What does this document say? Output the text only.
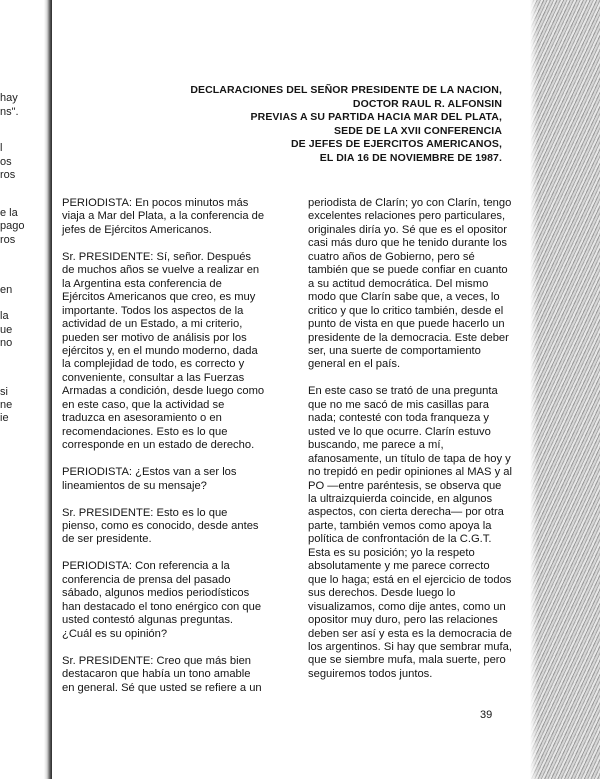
hay
ns".
l
os
ros
e la
pago
ros
en
la
ue
no
si
ne
ie
DECLARACIONES DEL SEÑOR PRESIDENTE DE LA NACION,
DOCTOR RAUL R. ALFONSIN
PREVIAS A SU PARTIDA HACIA MAR DEL PLATA,
SEDE DE LA XVII CONFERENCIA
DE JEFES DE EJERCITOS AMERICANOS,
EL DIA 16 DE NOVIEMBRE DE 1987.
PERIODISTA: En pocos minutos más
viaja a Mar del Plata, a la conferencia de
jefes de Ejércitos Americanos.
Sr. PRESIDENTE: Sí, señor. Después
de muchos años se vuelve a realizar en
la Argentina esta conferencia de
Ejércitos Americanos que creo, es muy
importante. Todos los aspectos de la
actividad de un Estado, a mi criterio,
pueden ser motivo de análisis por los
ejércitos y, en el mundo moderno, dada
la complejidad de todo, es correcto y
conveniente, consultar a las Fuerzas
Armadas a condición, desde luego como
en este caso, que la actividad se
traduzca en asesoramiento o en
recomendaciones. Esto es lo que
corresponde en un estado de derecho.
PERIODISTA: ¿Estos van a ser los
lineamientos de su mensaje?
Sr. PRESIDENTE: Esto es lo que
pienso, como es conocido, desde antes
de ser presidente.
PERIODISTA: Con referencia a la
conferencia de prensa del pasado
sábado, algunos medios periodísticos
han destacado el tono enérgico con que
usted contestó algunas preguntas.
¿Cuál es su opinión?
Sr. PRESIDENTE: Creo que más bien
destacaron que había un tono amable
en general. Sé que usted se refiere a un
periodista de Clarín; yo con Clarín, tengo
excelentes relaciones pero particulares,
originales diría yo. Sé que es el opositor
casi más duro que he tenido durante los
cuatro años de Gobierno, pero sé
también que se puede confiar en cuanto
a su actitud democrática. Del mismo
modo que Clarín sabe que, a veces, lo
critico y que lo critico también, desde el
punto de vista en que puede hacerlo un
presidente de la democracia. Este deber
ser, una suerte de comportamiento
general en el país.
En este caso se trató de una pregunta
que no me sacó de mis casillas para
nada; contesté con toda franqueza y
usted ve lo que ocurre. Clarín estuvo
buscando, me parece a mí,
afanosamente, un título de tapa de hoy y
no trepidó en pedir opiniones al MAS y al
PO —entre paréntesis, se observa que
la ultraizquierda coincide, en algunos
aspectos, con cierta derecha— por otra
parte, también vemos como apoya la
política de confrontación de la C.G.T.
Esta es su posición; yo la respeto
absolutamente y me parece correcto
que lo haga; está en el ejercicio de todos
sus derechos. Desde luego lo
visualizamos, como dije antes, como un
opositor muy duro, pero las relaciones
deben ser así y esta es la democracia de
los argentinos. Si hay que sembrar mufa,
que se siembre mufa, mala suerte, pero
seguiremos todos juntos.
39
